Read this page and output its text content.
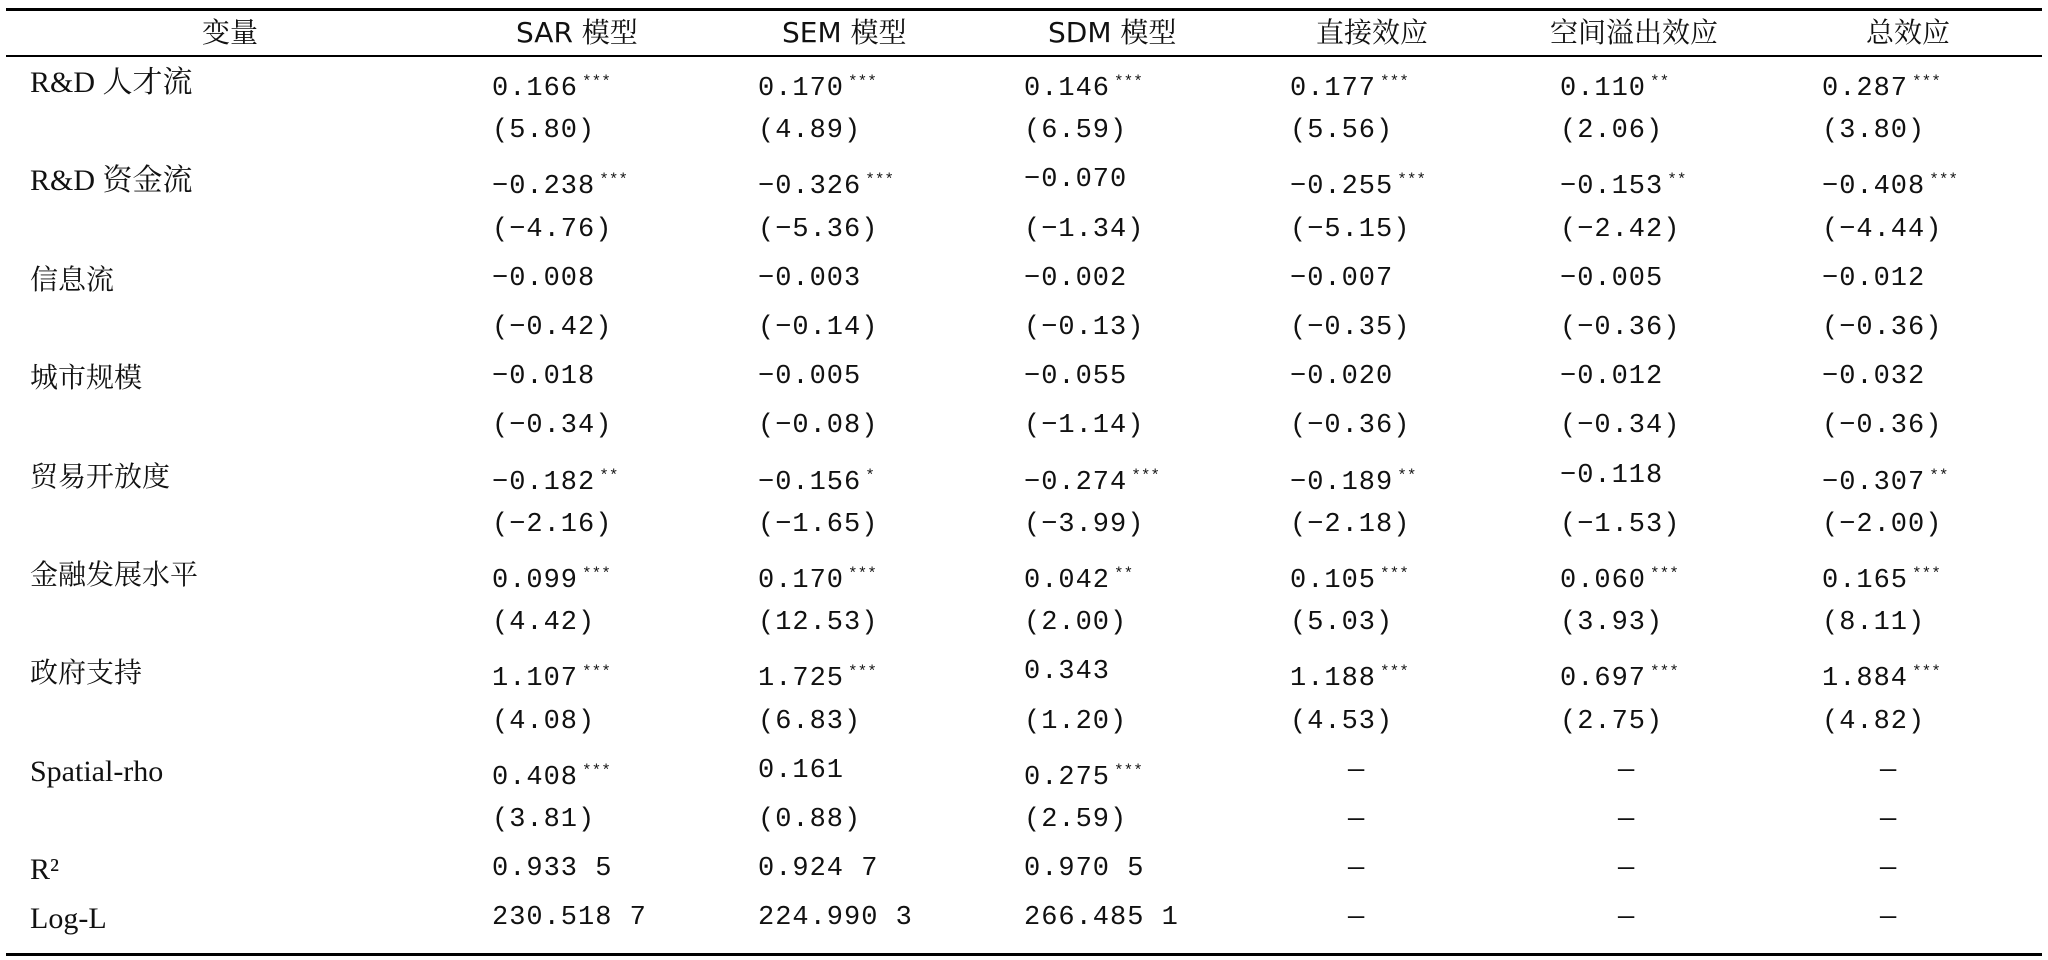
变量	SAR 模型	SEM 模型	SDM 模型	直接效应	空间溢出效应	总效应
R&D 人才流	0.166 ***	0.170 ***	0.146 ***	0.177 ***	0.110 **	0.287 ***
(5.80)	(4.89)	(6.59)	(5.56)	(2.06)	(3.80)
R&D 资金流	−0.238 ***	−0.326 ***	−0.070	−0.255 ***	−0.153 **	−0.408 ***
(−4.76)	(−5.36)	(−1.34)	(−5.15)	(−2.42)	(−4.44)
信息流	−0.008	−0.003	−0.002	−0.007	−0.005	−0.012
(−0.42)	(−0.14)	(−0.13)	(−0.35)	(−0.36)	(−0.36)
城市规模	−0.018	−0.005	−0.055	−0.020	−0.012	−0.032
(−0.34)	(−0.08)	(−1.14)	(−0.36)	(−0.34)	(−0.36)
贸易开放度	−0.182 **	−0.156 *	−0.274 ***	−0.189 **	−0.118	−0.307 **
(−2.16)	(−1.65)	(−3.99)	(−2.18)	(−1.53)	(−2.00)
金融发展水平	0.099 ***	0.170 ***	0.042 **	0.105 ***	0.060 ***	0.165 ***
(4.42)	(12.53)	(2.00)	(5.03)	(3.93)	(8.11)
政府支持	1.107 ***	1.725 ***	0.343	1.188 ***	0.697 ***	1.884 ***
(4.08)	(6.83)	(1.20)	(4.53)	(2.75)	(4.82)
Spatial-rho	0.408 ***	0.161	0.275 ***	—	—	—
(3.81)	(0.88)	(2.59)	—	—	—
R²	0.933 5	0.924 7	0.970 5	—	—	—
Log-L	230.518 7	224.990 3	266.485 1	—	—	—
